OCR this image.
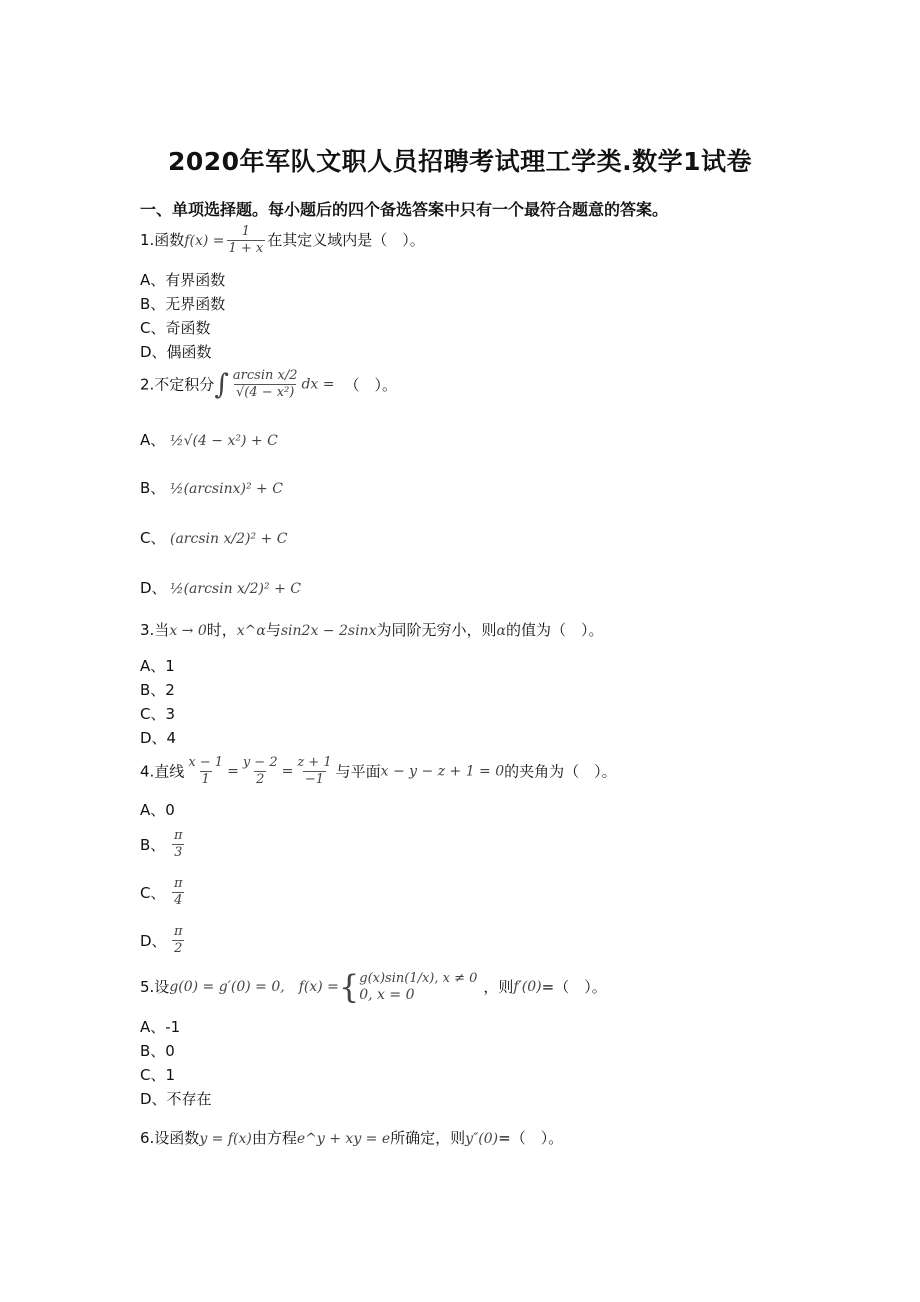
2020年军队文职人员招聘考试理工学类.数学1试卷
一、单项选择题。每小题后的四个备选答案中只有一个最符合题意的答案。
1.函数$f(x) = \frac{1}{1 + x}$ 在其定义域内是（　）。
A、有界函数
B、无界函数
C、奇函数
D、偶函数
2.不定积分∫ $\frac{\text{arcsin x/2}}{\text{√(4 − x²)}}$ dx = （　）。
A、 ½√(4 − x²) + C
B、 ½(arcsinx)² + C
C、 (arcsin x/2)² + C
D、 ½(arcsin x/2)² + C
3.当x → 0时，x^α与sin2x − 2sinx为同阶无穷小，则α的值为（　）。
A、1
B、2
C、3
D、4
4.直线 $\frac{x - 1}{1} = \frac{y - 2}{2} = \frac{z + 1}{-1}$ 与平面x − y − z + 1 = 0的夹角为（　）。
A、0
B、 $\frac{\pi}{3}$
C、 $\frac{\pi}{4}$
D、 $\frac{\pi}{2}$
5.设g(0) = g′(0) = 0, f(x) ={ g(x)sin(1/x), x ≠ 0
0, x = 0	，则f′(0)=（　）。
A、-1
B、0
C、1
D、不存在
6.设函数y = f(x)由方程e^y + xy = e所确定，则y″(0)=（　）。
